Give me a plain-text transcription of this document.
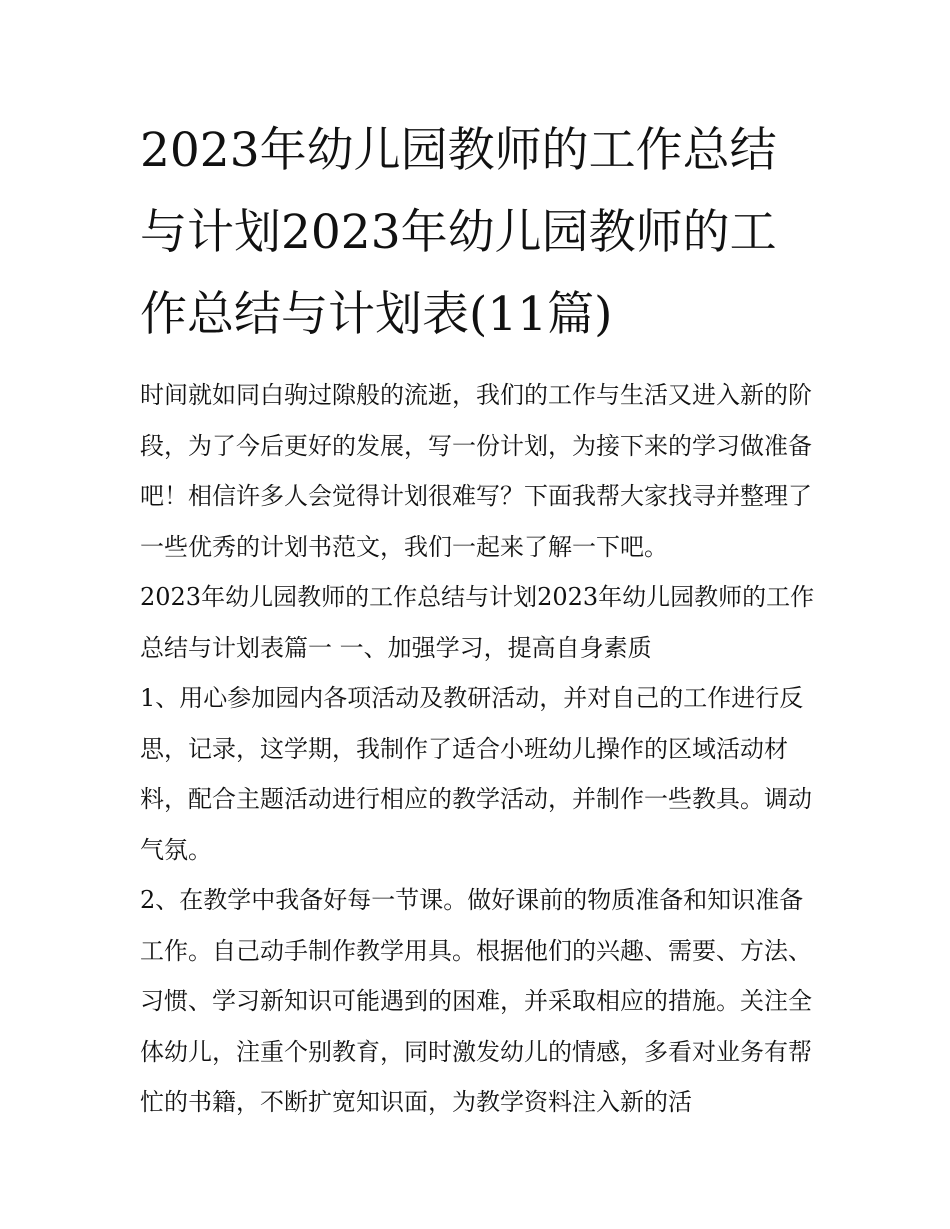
2023年幼儿园教师的工作总结与计划2023年幼儿园教师的工作总结与计划表(11篇)

时间就如同白驹过隙般的流逝，我们的工作与生活又进入新的阶段，为了今后更好的发展，写一份计划，为接下来的学习做准备吧！相信许多人会觉得计划很难写？下面我帮大家找寻并整理了一些优秀的计划书范文，我们一起来了解一下吧。

2023年幼儿园教师的工作总结与计划2023年幼儿园教师的工作总结与计划表篇一 一、加强学习，提高自身素质

1、用心参加园内各项活动及教研活动，并对自己的工作进行反思，记录，这学期，我制作了适合小班幼儿操作的区域活动材料，配合主题活动进行相应的教学活动，并制作一些教具。调动气氛。

2、在教学中我备好每一节课。做好课前的物质准备和知识准备工作。自己动手制作教学用具。根据他们的兴趣、需要、方法、习惯、学习新知识可能遇到的困难，并采取相应的措施。关注全体幼儿，注重个别教育，同时激发幼儿的情感，多看对业务有帮忙的书籍，不断扩宽知识面，为教学资料注入新的活
